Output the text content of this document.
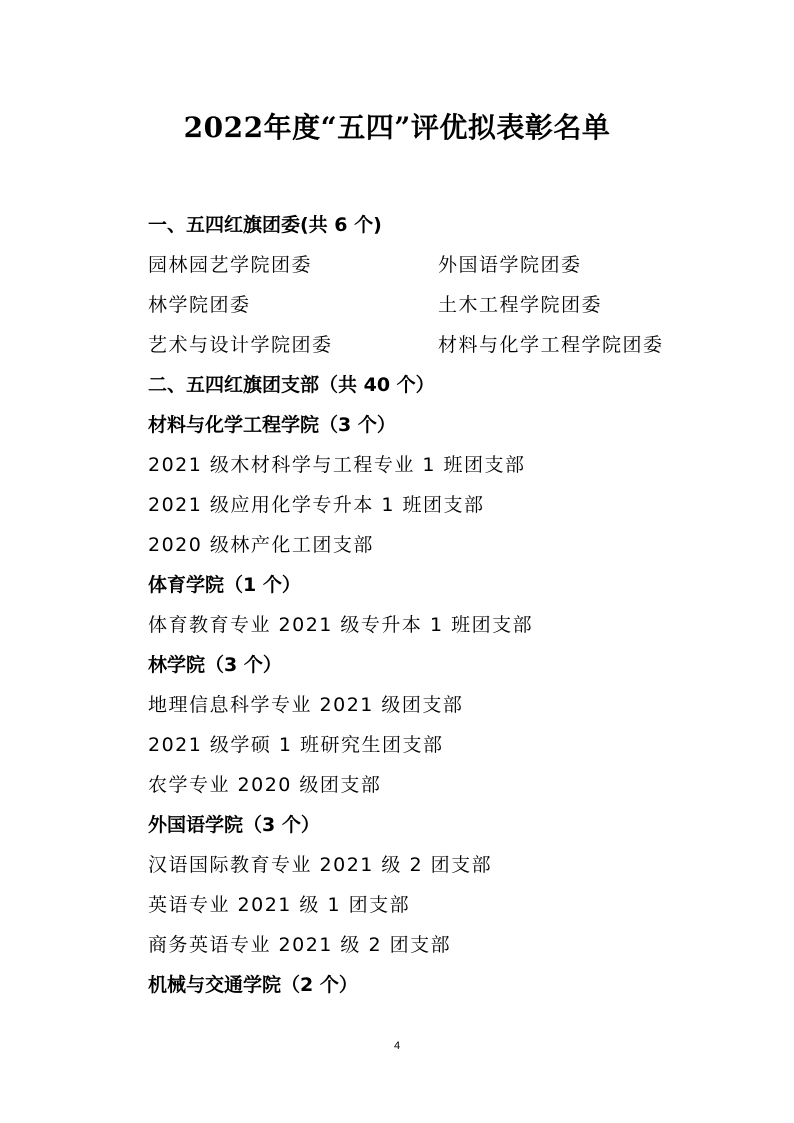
2022年度“五四”评优拟表彰名单
一、五四红旗团委(共 6 个)
园林园艺学院团委	外国语学院团委
林学院团委	土木工程学院团委
艺术与设计学院团委	材料与化学工程学院团委
二、五四红旗团支部（共 40 个）
材料与化学工程学院（3 个）
2021 级木材科学与工程专业 1 班团支部
2021 级应用化学专升本 1 班团支部
2020 级林产化工团支部
体育学院（1 个）
体育教育专业 2021 级专升本 1 班团支部
林学院（3 个）
地理信息科学专业 2021 级团支部
2021 级学硕 1 班研究生团支部
农学专业 2020 级团支部
外国语学院（3 个）
汉语国际教育专业 2021 级 2 团支部
英语专业 2021 级 1 团支部
商务英语专业 2021 级 2 团支部
机械与交通学院（2 个）
4
